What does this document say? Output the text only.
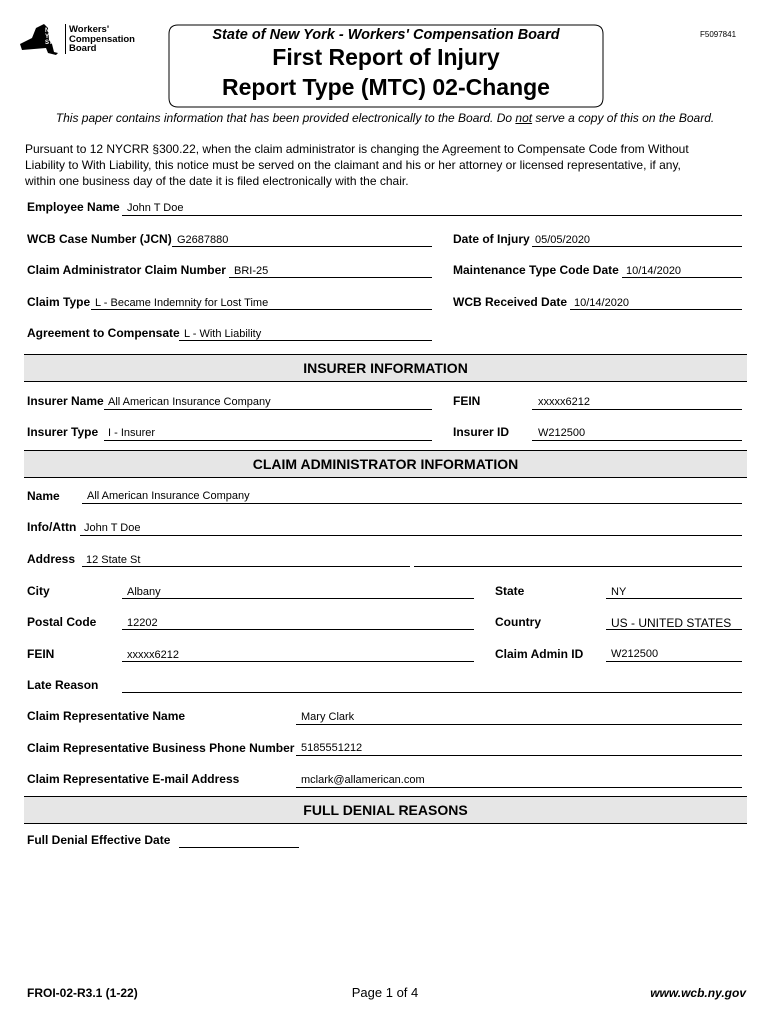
NEW
YORK
STATE
Workers'
Compensation
Board
State of New York - Workers' Compensation Board
First Report of Injury
Report Type (MTC) 02-Change
F5097841
This paper contains information that has been provided electronically to the Board. Do not serve a copy of this on the Board.
Pursuant to 12 NYCRR §300.22, when the claim administrator is changing the Agreement to Compensate Code from Without
Liability to With Liability, this notice must be served on the claimant and his or her attorney or licensed representative, if any,
within one business day of the date it is filed electronically with the chair.
Employee Name John T Doe
WCB Case Number (JCN) G2687880	Date of Injury 05/05/2020
Claim Administrator Claim Number BRI-25	Maintenance Type Code Date 10/14/2020
Claim Type L - Became Indemnity for Lost Time	WCB Received Date 10/14/2020
Agreement to Compensate L - With Liability
INSURER INFORMATION
Insurer Name All American Insurance Company	FEIN	xxxxx6212
Insurer Type I - Insurer	Insurer ID	W212500
CLAIM ADMINISTRATOR INFORMATION
Name All American Insurance Company
Info/Attn John T Doe
Address 12 State St
City	Albany	State	NY
Postal Code	12202	Country	US - UNITED STATES
FEIN	xxxxx6212	Claim Admin ID	W212500
Late Reason
Claim Representative Name	Mary Clark
Claim Representative Business Phone Number 5185551212
Claim Representative E-mail Address	mclark@allamerican.com
FULL DENIAL REASONS
Full Denial Effective Date
FROI-02-R3.1 (1-22)	Page 1 of 4	www.wcb.ny.gov
